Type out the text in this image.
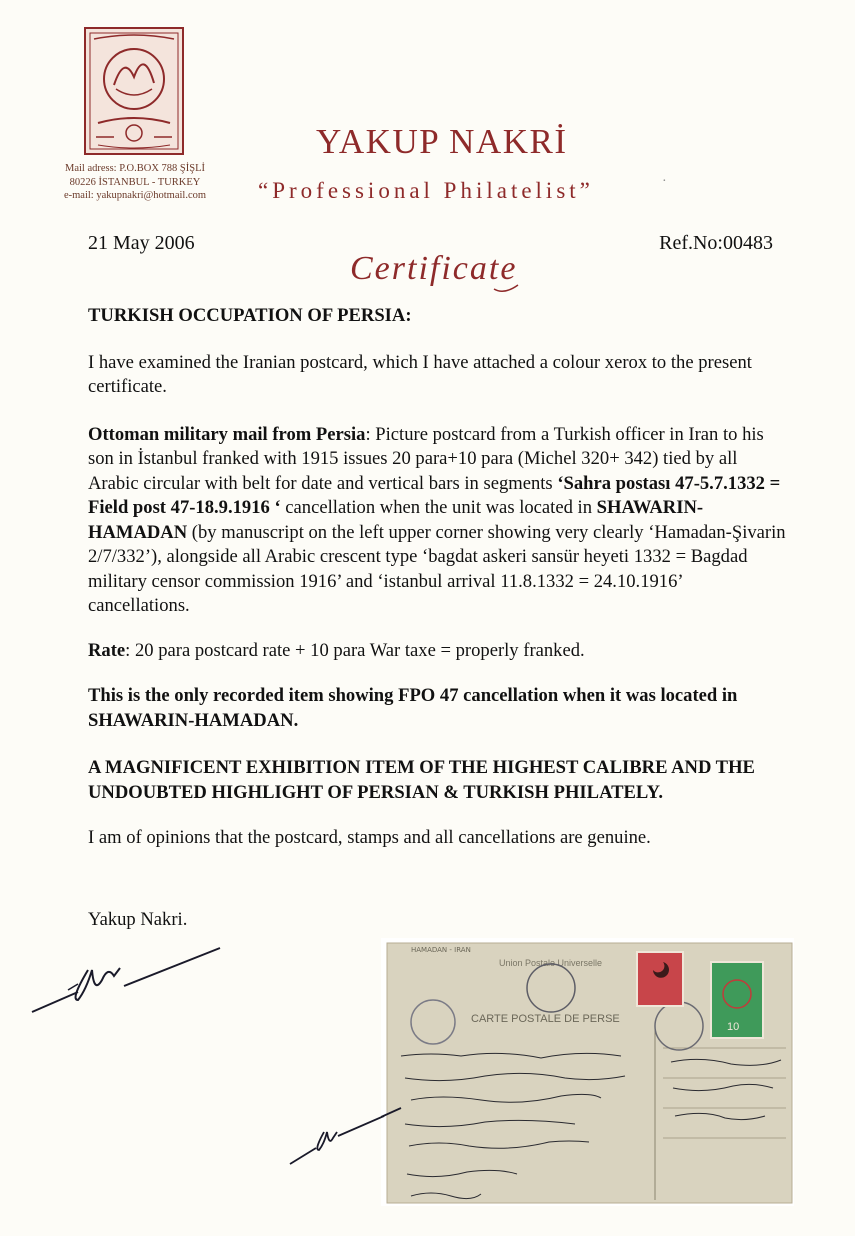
Mail adress: P.O.BOX 788 ŞİŞLİ
80226 İSTANBUL - TURKEY
e-mail: yakupnakri@hotmail.com
YAKUP NAKRİ
“Professional Philatelist”	·
21 May 2006	Ref.No:00483
Certificate

TURKISH OCCUPATION OF PERSIA:

I have examined the Iranian postcard, which I have attached a colour xerox to the present certificate.

Ottoman military mail from Persia: Picture postcard from a Turkish officer in Iran to his son in İstanbul franked with 1915 issues 20 para+10 para (Michel 320+ 342) tied by all Arabic circular with belt for date and vertical bars in segments ‘Sahra postası 47-5.7.1332 = Field post 47-18.9.1916 ‘ cancellation when the unit was located in SHAWARIN-HAMADAN (by manuscript on the left upper corner showing very clearly ‘Hamadan-Şivarin 2/7/332’), alongside all Arabic crescent type ‘bagdat askeri sansür heyeti 1332 = Bagdad military censor commission 1916’ and ‘istanbul arrival 11.8.1332 = 24.10.1916’ cancellations.

Rate: 20 para postcard rate + 10 para War taxe = properly franked.

This is the only recorded item showing FPO 47 cancellation when it was located in SHAWARIN-HAMADAN.

A MAGNIFICENT EXHIBITION ITEM OF THE HIGHEST CALIBRE AND THE UNDOUBTED HIGHLIGHT OF PERSIAN & TURKISH PHILATELY.

I am of opinions that the postcard, stamps and all cancellations are genuine.

Yakup Nakri.
HAMADAN - IRAN
Union Postale Universelle
CARTE POSTALE DE PERSE
10
